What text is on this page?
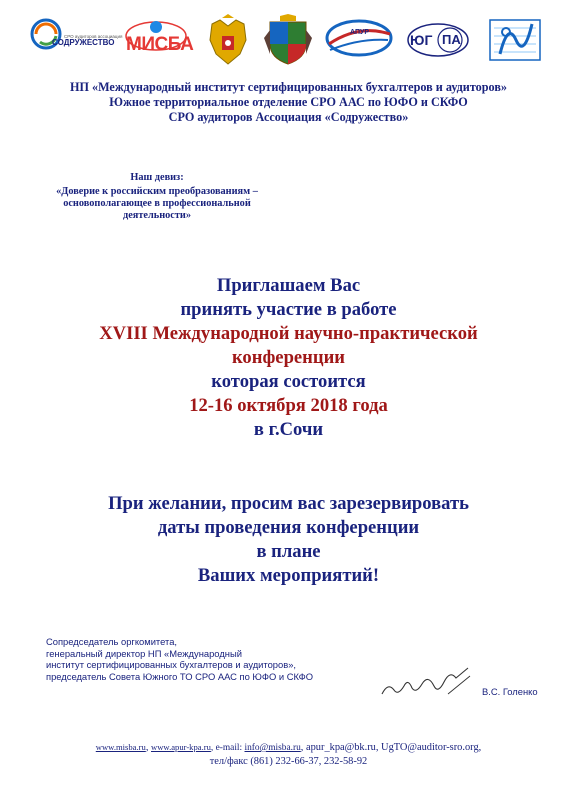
СРО аудиторов ассоциация
СОДРУЖЕСТВО МИСБА
АПУР	ЮГ ПА
НП «Международный институт сертифицированных бухгалтеров и аудиторов»
Южное территориальное отделение СРО ААС по ЮФО и СКФО
СРО аудиторов Ассоциация «Содружество»
Наш девиз:
«Доверие к российским преобразованиям –
основополагающее в профессиональной
деятельности»
Приглашаем Вас
принять участие в работе
XVIII Международной научно-практической
конференции
которая состоится
12-16 октября 2018 года
в г.Сочи
При желании, просим вас зарезервировать
даты проведения конференции
в плане
Ваших мероприятий!
Сопредседатель оргкомитета,
генеральный директор НП «Международный
институт сертифицированных бухгалтеров и аудиторов»,
председатель Совета Южного ТО СРО ААС по ЮФО и СКФО
В.С. Голенко
www.misba.ru, www.apur-kpa.ru, e-mail: info@misba.ru, apur_kpa@bk.ru, UgTO@auditor-sro.org,
тел/факс (861) 232-66-37, 232-58-92
